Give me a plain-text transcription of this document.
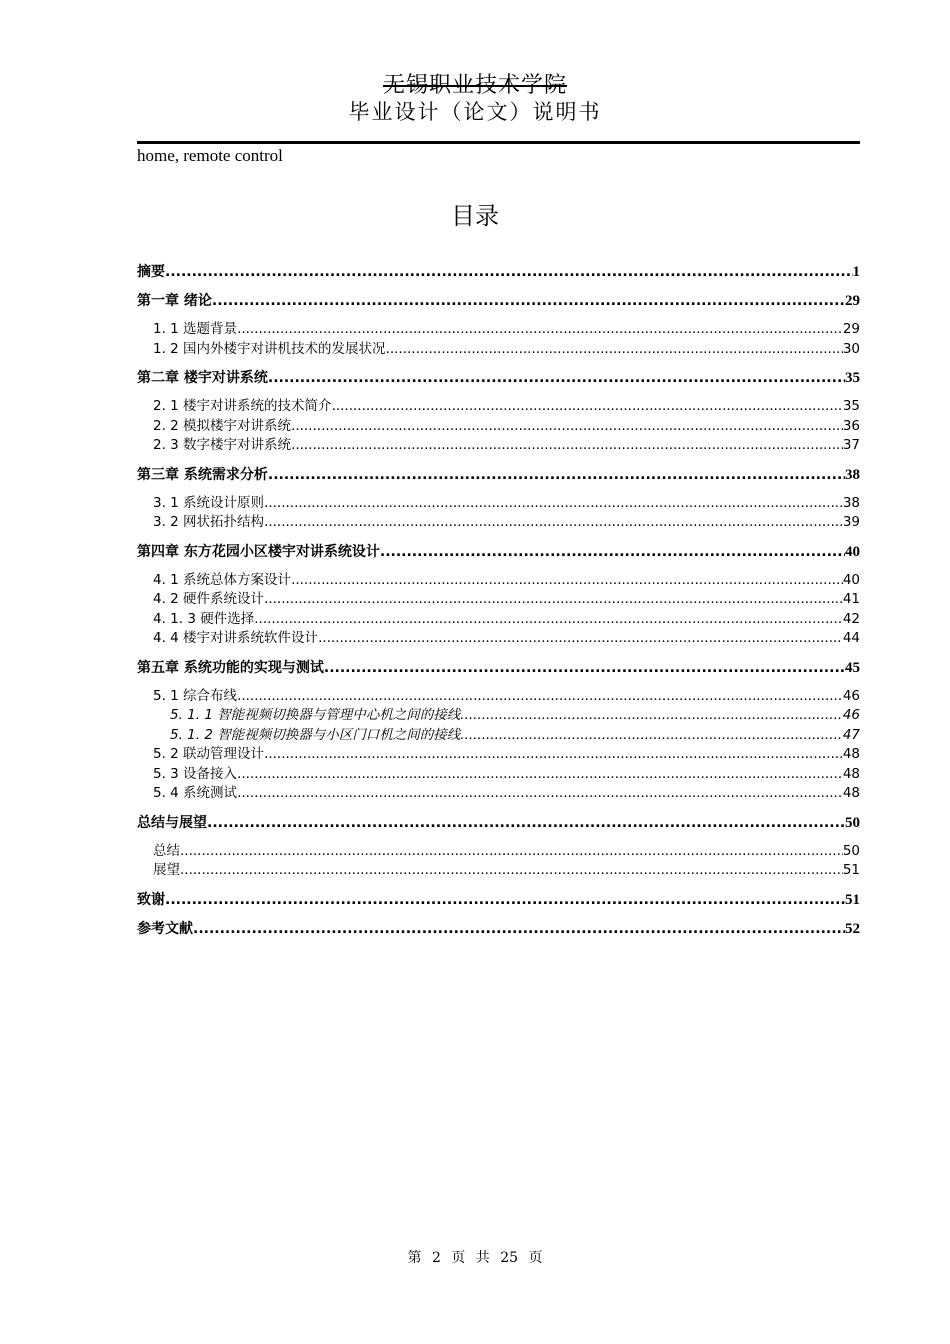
无锡职业技术学院
毕业设计（论文）说明书
home, remote control
目录
摘要 .....	1
第一章 绪论 .....	29
1. 1 选题背景 .....	29
1. 2 国内外楼宇对讲机技术的发展状况 .....	30
第二章 楼宇对讲系统 .....	35
2. 1 楼宇对讲系统的技术简介 .....	35
2. 2 模拟楼宇对讲系统 .....	36
2. 3 数字楼宇对讲系统 .....	37
第三章 系统需求分析 .....	38
3. 1 系统设计原则 .....	38
3. 2 网状拓扑结构 .....	39
第四章 东方花园小区楼宇对讲系统设计 .....	40
4. 1 系统总体方案设计 .....	40
4. 2 硬件系统设计 .....	41
4. 1. 3 硬件选择 .....	42
4. 4 楼宇对讲系统软件设计 .....	44
第五章 系统功能的实现与测试 .....	45
5. 1 综合布线 .....	46
5. 1. 1 智能视频切换器与管理中心机之间的接线 .....	46
5. 1. 2 智能视频切换器与小区门口机之间的接线 .....	47
5. 2 联动管理设计 .....	48
5. 3 设备接入 .....	48
5. 4 系统测试 .....	48
总结与展望 .....	50
总结 .....	50
展望 .....	51
致谢 .....	51
参考文献 .....	52
第 2 页 共 25 页
